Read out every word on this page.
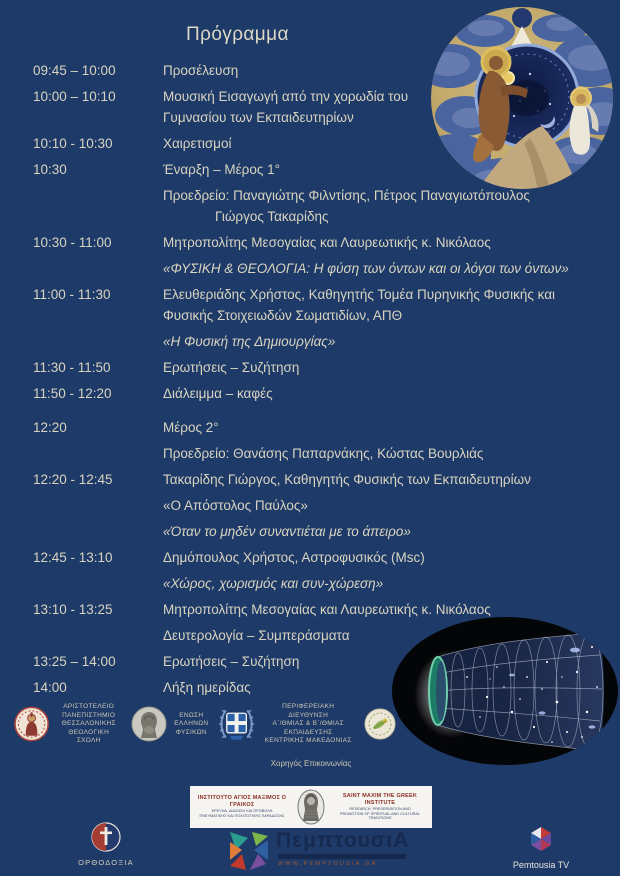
Πρόγραμμα
09:45 – 10:00	Προσέλευση
10:00 – 10:10	Μουσική Εισαγωγή από την χορωδία του
Γυμνασίου των Εκπαιδευτηρίων
10:10 - 10:30	Χαιρετισμοί
10:30	Έναρξη – Μέρος 1°
Προεδρείο: Παναγιώτης Φιλντίσης, Πέτρος Παναγιωτόπουλος
Γιώργος Τακαρίδης
10:30 - 11:00	Μητροπολίτης Μεσογαίας και Λαυρεωτικής κ. Νικόλαος
«ΦΥΣΙΚΗ & ΘΕΟΛΟΓΙΑ: Η φύση των όντων και οι λόγοι των όντων»
11:00 - 11:30	Ελευθεριάδης Χρήστος, Καθηγητής Τομέα Πυρηνικής Φυσικής και
Φυσικής Στοιχειωδών Σωματιδίων, ΑΠΘ
«Η Φυσική της Δημιουργίας»
11:30 - 11:50	Ερωτήσεις – Συζήτηση
11:50 - 12:20	Διάλειμμα – καφές
12:20	Μέρος 2°
Προεδρείο: Θανάσης Παπαρνάκης, Κώστας Βουρλιάς
12:20 - 12:45	Τακαρίδης Γιώργος, Καθηγητής Φυσικής των Εκπαιδευτηρίων
«Ο Απόστολος Παύλος»
«Όταν το μηδέν συναντιέται με το άπειρο»
12:45 - 13:10	Δημόπουλος Χρήστος, Αστροφυσικός (Msc)
«Χώρος, χωρισμός και συν-χώρεση»
13:10 - 13:25	Μητροπολίτης Μεσογαίας και Λαυρεωτικής κ. Νικόλαος
Δευτερολογία – Συμπεράσματα
13:25 – 14:00	Ερωτήσεις – Συζήτηση
14:00	Λήξη ημερίδας
ΑΡΙΣΤΟΤΕΛΕΙΟ
ΠΑΝΕΠΙΣΤΗΜΙΟ
ΘΕΣΣΑΛΟΝΙΚΗΣ
ΘΕΟΛΟΓΙΚΗ ΣΧΟΛΗ
ΕΝΩΣΗ
ΕΛΛΗΝΩΝ
ΦΥΣΙΚΩΝ
ΠΕΡΙΦΕΡΕΙΑΚΗ ΔΙΕΥΘΥΝΣΗ
Α΄/ΘΜΙΑΣ & Β΄/ΘΜΙΑΣ
ΕΚΠΑΙΔΕΥΣΗΣ
ΚΕΝΤΡΙΚΗΣ ΜΑΚΕΔΟΝΙΑΣ
Χορηγός Επικοινωνίας
ΙΝΣΤΙΤΟΥΤΟ ΑΓΙΟΣ ΜΑΞΙΜΟΣ Ο ΓΡΑΙΚΟΣ
ΕΡΕΥΝΑ, ΔΙΑΣΩΣΗ ΚΑΙ ΠΡΟΒΟΛΗ
ΠΝΕΥΜΑΤΙΚΗΣ ΚΑΙ ΠΟΛΙΤΙΣΤΙΚΗΣ ΠΑΡΑΔΟΣΗΣ
SAINT MAXIM THE GREEK INSTITUTE
RESEARCH, PRESERVATION AND
PROMOTION OF SPIRITUAL AND CULTURAL TRADITIONS
ΟΡΘΟΔΟΞΙΑ
ΠεμπτουσιΑ
WWW.PEMPTOUSIA.GR	Pemtousia TV
